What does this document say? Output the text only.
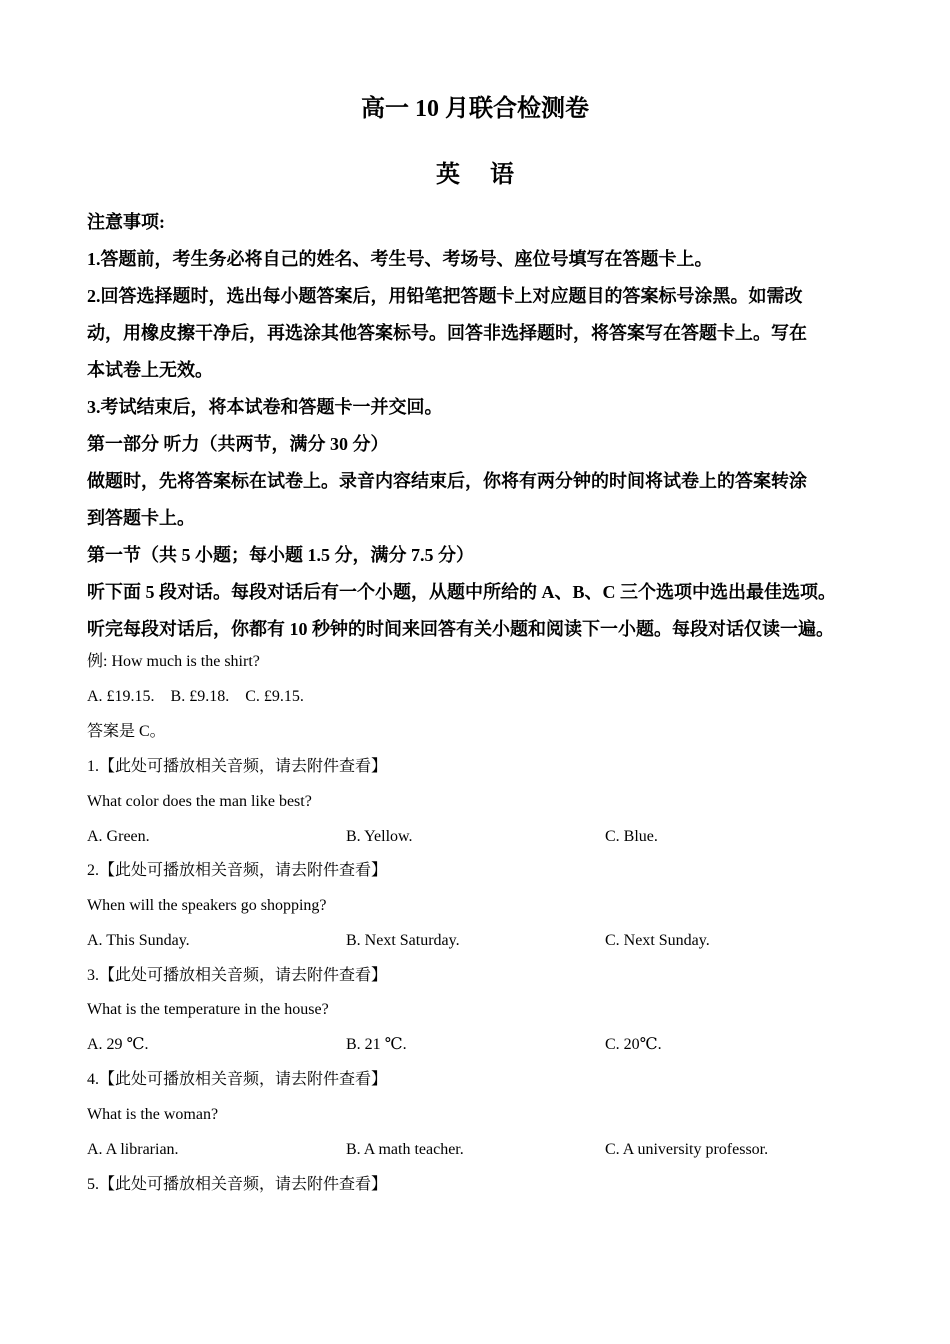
高一 10 月联合检测卷
英 语
注意事项:
1.答题前，考生务必将自己的姓名、考生号、考场号、座位号填写在答题卡上。
2.回答选择题时，选出每小题答案后，用铅笔把答题卡上对应题目的答案标号涂黑。如需改
动，用橡皮擦干净后，再选涂其他答案标号。回答非选择题时，将答案写在答题卡上。写在
本试卷上无效。
3.考试结束后，将本试卷和答题卡一并交回。
第一部分 听力（共两节，满分 30 分）
做题时，先将答案标在试卷上。录音内容结束后，你将有两分钟的时间将试卷上的答案转涂
到答题卡上。
第一节（共 5 小题；每小题 1.5 分，满分 7.5 分）
听下面 5 段对话。每段对话后有一个小题，从题中所给的 A、B、C 三个选项中选出最佳选项。
听完每段对话后，你都有 10 秒钟的时间来回答有关小题和阅读下一小题。每段对话仅读一遍。
例: How much is the shirt?
A. £19.15.    B. £9.18.    C. £9.15.
答案是 C。
1.【此处可播放相关音频，请去附件查看】
What color does the man like best?
A. Green.	B. Yellow.	C. Blue.
2.【此处可播放相关音频，请去附件查看】
When will the speakers go shopping?
A. This Sunday.	B. Next Saturday.	C. Next Sunday.
3.【此处可播放相关音频，请去附件查看】
What is the temperature in the house?
A. 29 ℃.	B. 21 ℃.	C. 20℃.
4.【此处可播放相关音频，请去附件查看】
What is the woman?
A. A librarian.	B. A math teacher.	C. A university professor.
5.【此处可播放相关音频，请去附件查看】
